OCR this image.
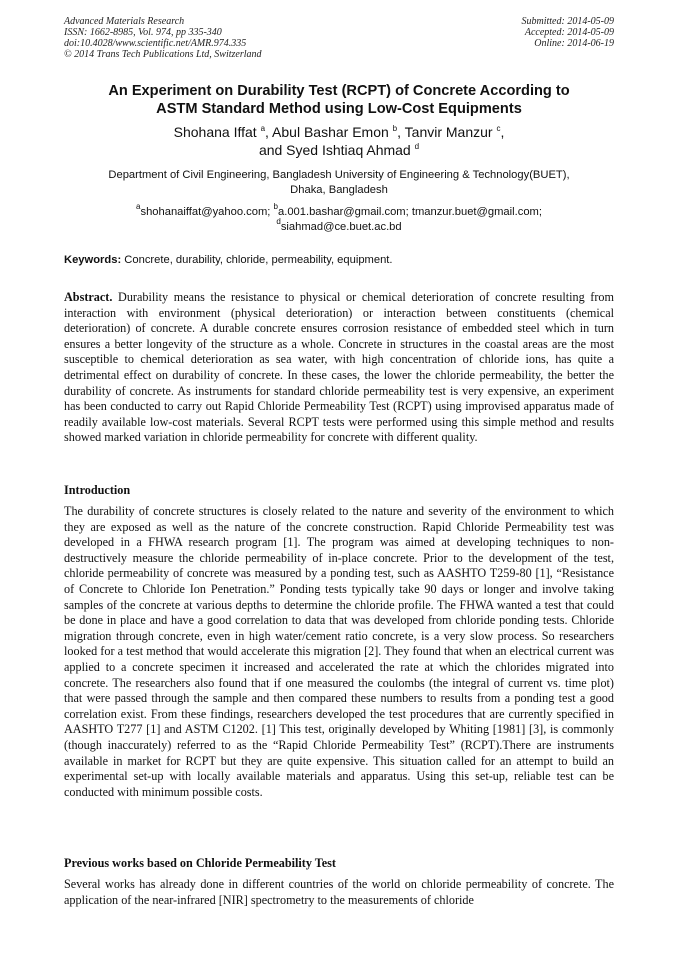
Advanced Materials Research
ISSN: 1662-8985, Vol. 974, pp 335-340
doi:10.4028/www.scientific.net/AMR.974.335
© 2014 Trans Tech Publications Ltd, Switzerland
Submitted: 2014-05-09
Accepted: 2014-05-09
Online: 2014-06-19
An Experiment on Durability Test (RCPT) of Concrete According to
ASTM Standard Method using Low-Cost Equipments
Shohana Iffat $^a$, Abul Bashar Emon $^b$, Tanvir Manzur $^c$,
and Syed Ishtiaq Ahmad $^d$
Department of Civil Engineering, Bangladesh University of Engineering & Technology(BUET),
Dhaka, Bangladesh
$^a$shohanaiffat@yahoo.com; $^b$a.001.bashar@gmail.com; tmanzur.buet@gmail.com;
$^d$siahmad@ce.buet.ac.bd
Keywords: Concrete, durability, chloride, permeability, equipment.
Abstract. Durability means the resistance to physical or chemical deterioration of concrete resulting from interaction with environment (physical deterioration) or interaction between constituents (chemical deterioration) of concrete. A durable concrete ensures corrosion resistance of embedded steel which in turn ensures a better longevity of the structure as a whole. Concrete in structures in the coastal areas are the most susceptible to chemical deterioration as sea water, with high concentration of chloride ions, has quite a detrimental effect on durability of concrete. In these cases, the lower the chloride permeability, the better the durability of concrete. As instruments for standard chloride permeability test is very expensive, an experiment has been conducted to carry out Rapid Chloride Permeability Test (RCPT) using improvised apparatus made of readily available low-cost materials. Several RCPT tests were performed using this simple method and results showed marked variation in chloride permeability for concrete with different quality.
Introduction
The durability of concrete structures is closely related to the nature and severity of the environment to which they are exposed as well as the nature of the concrete construction. Rapid Chloride Permeability test was developed in a FHWA research program [1]. The program was aimed at developing techniques to non-destructively measure the chloride permeability of in-place concrete. Prior to the development of the test, chloride permeability of concrete was measured by a ponding test, such as AASHTO T259-80 [1], “Resistance of Concrete to Chloride Ion Penetration.” Ponding tests typically take 90 days or longer and involve taking samples of the concrete at various depths to determine the chloride profile. The FHWA wanted a test that could be done in place and have a good correlation to data that was developed from chloride ponding tests. Chloride migration through concrete, even in high water/cement ratio concrete, is a very slow process. So researchers looked for a test method that would accelerate this migration [2]. They found that when an electrical current was applied to a concrete specimen it increased and accelerated the rate at which the chlorides migrated into concrete. The researchers also found that if one measured the coulombs (the integral of current vs. time plot) that were passed through the sample and then compared these numbers to results from a ponding test a good correlation exist. From these findings, researchers developed the test procedures that are currently specified in AASHTO T277 [1] and ASTM C1202. [1] This test, originally developed by Whiting [1981] [3], is commonly (though inaccurately) referred to as the “Rapid Chloride Permeability Test” (RCPT).There are instruments available in market for RCPT but they are quite expensive. This situation called for an attempt to build an experimental set-up with locally available materials and apparatus. Using this set-up, reliable test can be conducted with minimum possible costs.
Previous works based on Chloride Permeability Test
Several works has already done in different countries of the world on chloride permeability of concrete. The application of the near-infrared [NIR] spectrometry to the measurements of chloride
